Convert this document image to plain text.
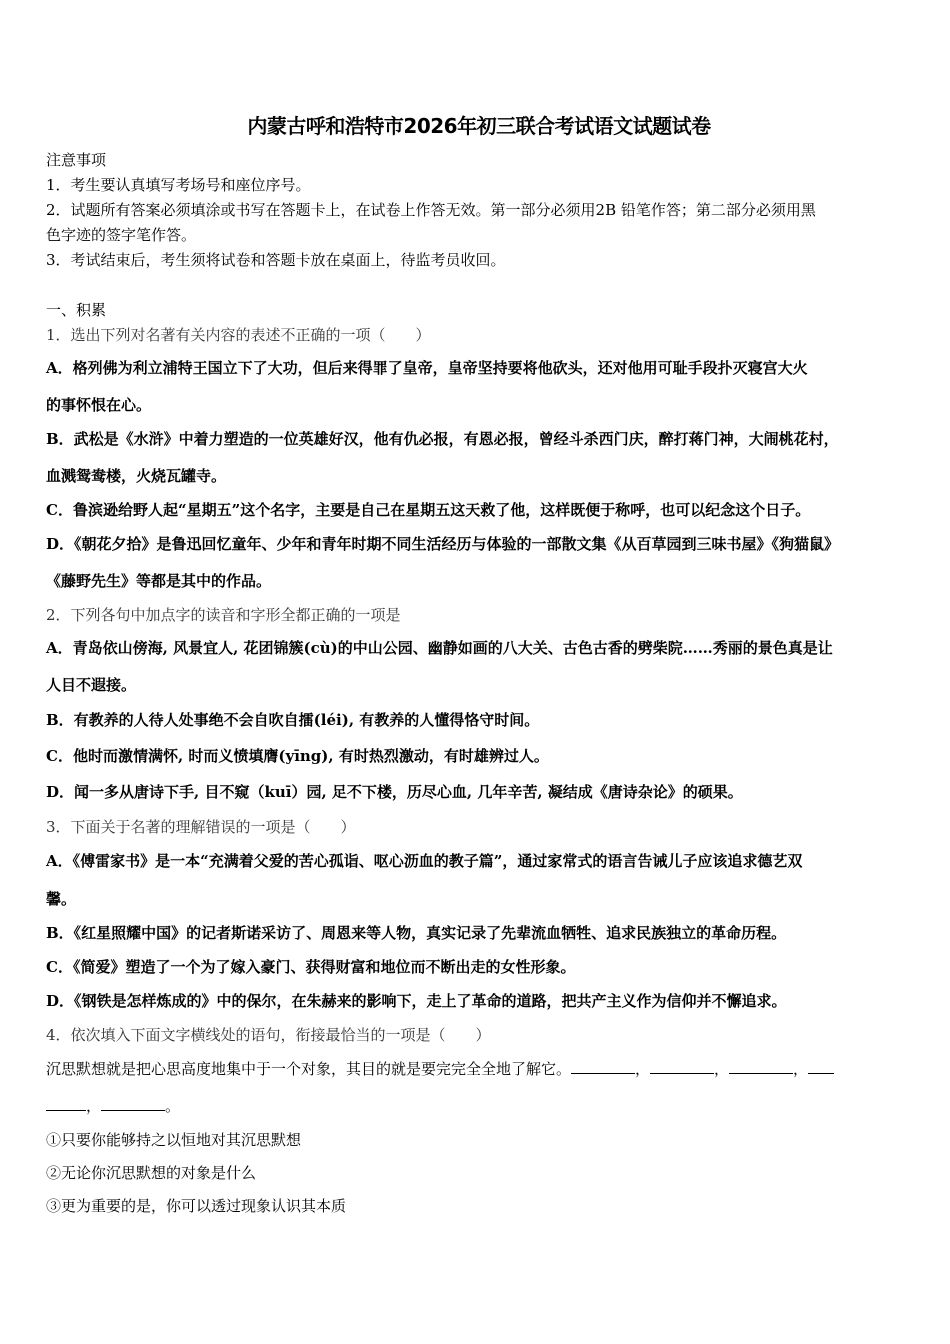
内蒙古呼和浩特市2026年初三联合考试语文试题试卷
注意事项
1．考生要认真填写考场号和座位序号。
2．试题所有答案必须填涂或书写在答题卡上，在试卷上作答无效。第一部分必须用2B 铅笔作答；第二部分必须用黑
色字迹的签字笔作答。
3．考试结束后，考生须将试卷和答题卡放在桌面上，待监考员收回。
一、积累
1．选出下列对名著有关内容的表述不正确的一项（　　）
A．格列佛为利立浦特王国立下了大功，但后来得罪了皇帝，皇帝坚持要将他砍头，还对他用可耻手段扑灭寝宫大火
的事怀恨在心。
B．武松是《水浒》中着力塑造的一位英雄好汉，他有仇必报，有恩必报，曾经斗杀西门庆，醉打蒋门神，大闹桃花村，
血溅鸳鸯楼，火烧瓦罐寺。
C．鲁滨逊给野人起“星期五”这个名字，主要是自己在星期五这天救了他，这样既便于称呼，也可以纪念这个日子。
D．《朝花夕拾》是鲁迅回忆童年、少年和青年时期不同生活经历与体验的一部散文集《从百草园到三味书屋》《狗猫鼠》
《藤野先生》等都是其中的作品。
2．下列各句中加点字的读音和字形全都正确的一项是
A．青岛依山傍海, 风景宜人, 花团锦簇(cù)的中山公园、幽静如画的八大关、古色古香的劈柴院……秀丽的景色真是让
人目不遐接。
B．有教养的人待人处事绝不会自吹自擂(léi), 有教养的人懂得恪守时间。
C．他时而激情满怀, 时而义愤填膺(yīng), 有时热烈激动，有时雄辨过人。
D．闻一多从唐诗下手, 目不窥（kuī）园, 足不下楼，历尽心血, 几年辛苦, 凝结成《唐诗杂论》的硕果。
3．下面关于名著的理解错误的一项是（　　）
A．《傅雷家书》是一本“充满着父爱的苦心孤诣、呕心沥血的教子篇”，通过家常式的语言告诫儿子应该追求德艺双
馨。
B．《红星照耀中国》的记者斯诺采访了、周恩来等人物，真实记录了先辈流血牺牲、追求民族独立的革命历程。
C．《简爱》塑造了一个为了嫁入豪门、获得财富和地位而不断出走的女性形象。
D．《钢铁是怎样炼成的》中的保尔，在朱赫来的影响下，走上了革命的道路，把共产主义作为信仰并不懈追求。
4．依次填入下面文字横线处的语句，衔接最恰当的一项是（　　）
沉思默想就是把心思高度地集中于一个对象，其目的就是要完完全全地了解它。	，	，	，
，	。
①只要你能够持之以恒地对其沉思默想
②无论你沉思默想的对象是什么
③更为重要的是，你可以透过现象认识其本质
